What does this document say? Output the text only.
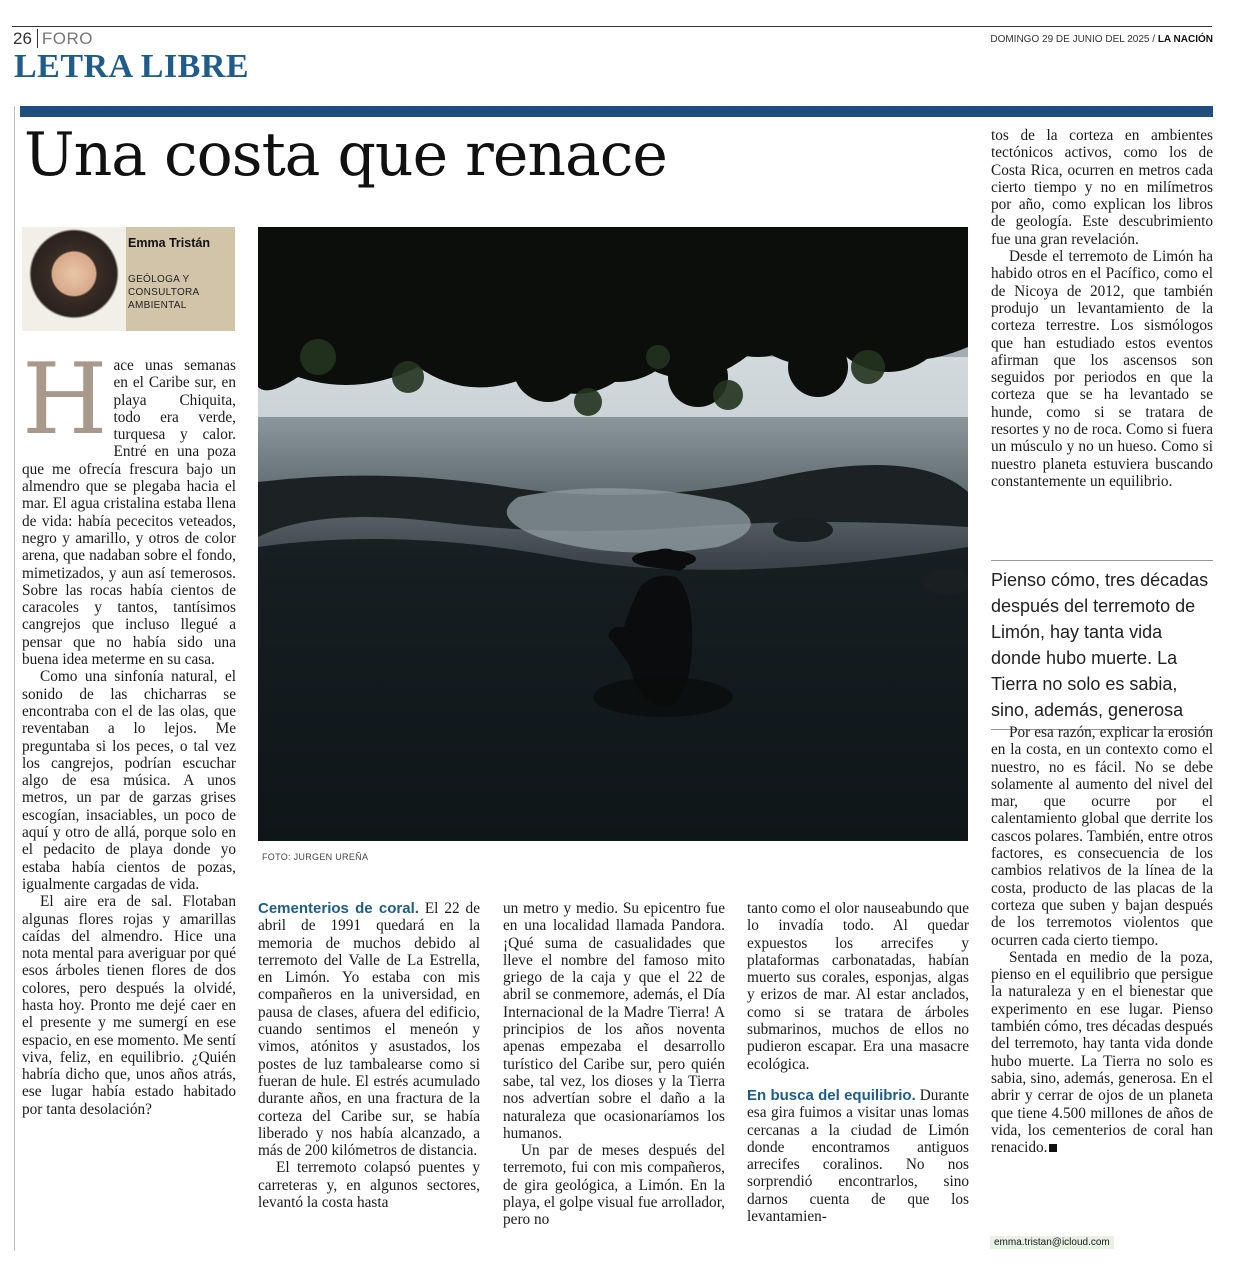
26 FORO	DOMINGO 29 DE JUNIO DEL 2025 / LA NACIÓN
LETRA LIBRE
Una costa que renace
Emma Tristán
GEÓLOGA Y CONSULTORA AMBIENTAL
FOTO: JURGEN UREÑA

Hace unas semanas en el Caribe sur, en playa Chiquita, todo era verde, turquesa y calor. Entré en una poza que me ofrecía frescura bajo un almendro que se plegaba hacia el mar. El agua cristalina estaba llena de vida: había pececitos veteados, negro y amarillo, y otros de color arena, que nadaban sobre el fondo, mimetizados, y aun así temerosos. Sobre las rocas había cientos de caracoles y tantos, tantísimos cangrejos que incluso llegué a pensar que no había sido una buena idea meterme en su casa.

Como una sinfonía natural, el sonido de las chicharras se encontraba con el de las olas, que reventaban a lo lejos. Me preguntaba si los peces, o tal vez los cangrejos, podrían escuchar algo de esa música. A unos metros, un par de garzas grises escogían, insaciables, un poco de aquí y otro de allá, porque solo en el pedacito de playa donde yo estaba había cientos de pozas, igualmente cargadas de vida.

El aire era de sal. Flotaban algunas flores rojas y amarillas caídas del almendro. Hice una nota mental para averiguar por qué esos árboles tienen flores de dos colores, pero después la olvidé, hasta hoy. Pronto me dejé caer en el presente y me sumergí en ese espacio, en ese momento. Me sentí viva, feliz, en equilibrio. ¿Quién habría dicho que, unos años atrás, ese lugar había estado habitado por tanta desolación?

Cementerios de coral. El 22 de abril de 1991 quedará en la memoria de muchos debido al terremoto del Valle de La Estrella, en Limón. Yo estaba con mis compañeros en la universidad, en pausa de clases, afuera del edificio, cuando sentimos el meneón y vimos, atónitos y asustados, los postes de luz tambalearse como si fueran de hule. El estrés acumulado durante años, en una fractura de la corteza del Caribe sur, se había liberado y nos había alcanzado, a más de 200 kilómetros de distancia.

El terremoto colapsó puentes y carreteras y, en algunos sectores, levantó la costa hasta

un metro y medio. Su epicentro fue en una localidad llamada Pandora. ¡Qué suma de casualidades que lleve el nombre del famoso mito griego de la caja y que el 22 de abril se conmemore, además, el Día Internacional de la Madre Tierra! A principios de los años noventa apenas empezaba el desarrollo turístico del Caribe sur, pero quién sabe, tal vez, los dioses y la Tierra nos advertían sobre el daño a la naturaleza que ocasionaríamos los humanos.

Un par de meses después del terremoto, fui con mis compañeros, de gira geológica, a Limón. En la playa, el golpe visual fue arrollador, pero no

tanto como el olor nauseabundo que lo invadía todo. Al quedar expuestos los arrecifes y plataformas carbonatadas, habían muerto sus corales, esponjas, algas y erizos de mar. Al estar anclados, como si se tratara de árboles submarinos, muchos de ellos no pudieron escapar. Era una masacre ecológica.

En busca del equilibrio. Durante esa gira fuimos a visitar unas lomas cercanas a la ciudad de Limón donde encontramos antiguos arrecifes coralinos. No nos sorprendió encontrarlos, sino darnos cuenta de que los levantamien-

tos de la corteza en ambientes tectónicos activos, como los de Costa Rica, ocurren en metros cada cierto tiempo y no en milímetros por año, como explican los libros de geología. Este descubrimiento fue una gran revelación.

Desde el terremoto de Limón ha habido otros en el Pacífico, como el de Nicoya de 2012, que también produjo un levantamiento de la corteza terrestre. Los sismólogos que han estudiado estos eventos afirman que los ascensos son seguidos por periodos en que la corteza que se ha levantado se hunde, como si se tratara de resortes y no de roca. Como si fuera un músculo y no un hueso. Como si nuestro planeta estuviera buscando constantemente un equilibrio.

Pienso cómo, tres décadas después del terremoto de Limón, hay tanta vida donde hubo muerte. La Tierra no solo es sabia, sino, además, generosa

Por esa razón, explicar la erosión en la costa, en un contexto como el nuestro, no es fácil. No se debe solamente al aumento del nivel del mar, que ocurre por el calentamiento global que derrite los cascos polares. También, entre otros factores, es consecuencia de los cambios relativos de la línea de la costa, producto de las placas de la corteza que suben y bajan después de los terremotos violentos que ocurren cada cierto tiempo.

Sentada en medio de la poza, pienso en el equilibrio que persigue la naturaleza y en el bienestar que experimento en ese lugar. Pienso también cómo, tres décadas después del terremoto, hay tanta vida donde hubo muerte. La Tierra no solo es sabia, sino, además, generosa. En el abrir y cerrar de ojos de un planeta que tiene 4.500 millones de años de vida, los cementerios de coral han renacido.

emma.tristan@icloud.com
